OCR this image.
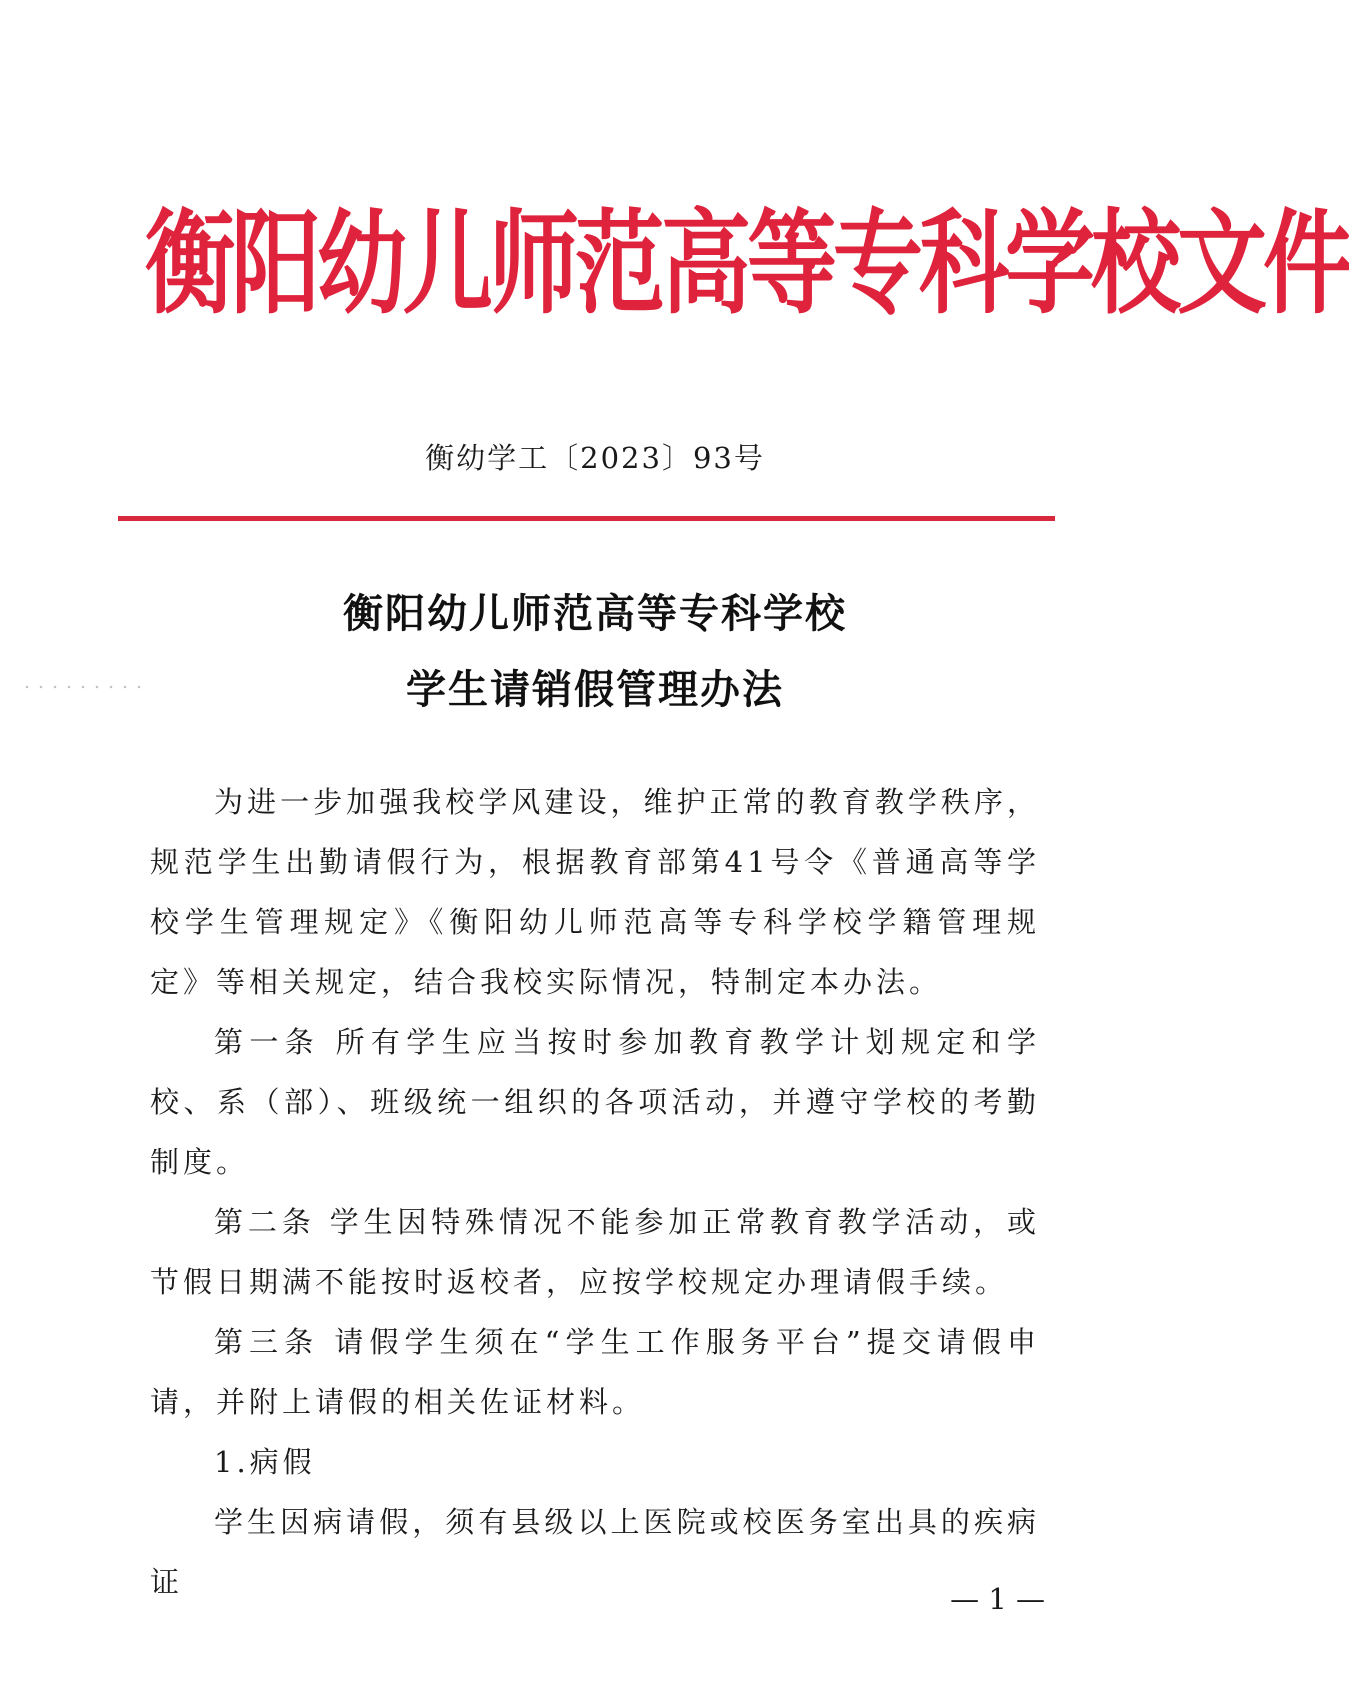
衡阳幼儿师范高等专科学校文件
衡幼学工〔2023〕93号
衡阳幼儿师范高等专科学校
学生请销假管理办法

为进一步加强我校学风建设，维护正常的教育教学秩序，规范学生出勤请假行为，根据教育部第41号令《普通高等学校学生管理规定》《衡阳幼儿师范高等专科学校学籍管理规定》等相关规定，结合我校实际情况，特制定本办法。

第一条 所有学生应当按时参加教育教学计划规定和学校、系（部）、班级统一组织的各项活动，并遵守学校的考勤制度。

第二条 学生因特殊情况不能参加正常教育教学活动，或节假日期满不能按时返校者，应按学校规定办理请假手续。

第三条 请假学生须在“学生工作服务平台”提交请假申请，并附上请假的相关佐证材料。

1.病假

学生因病请假，须有县级以上医院或校医务室出具的疾病证	— 1 —
